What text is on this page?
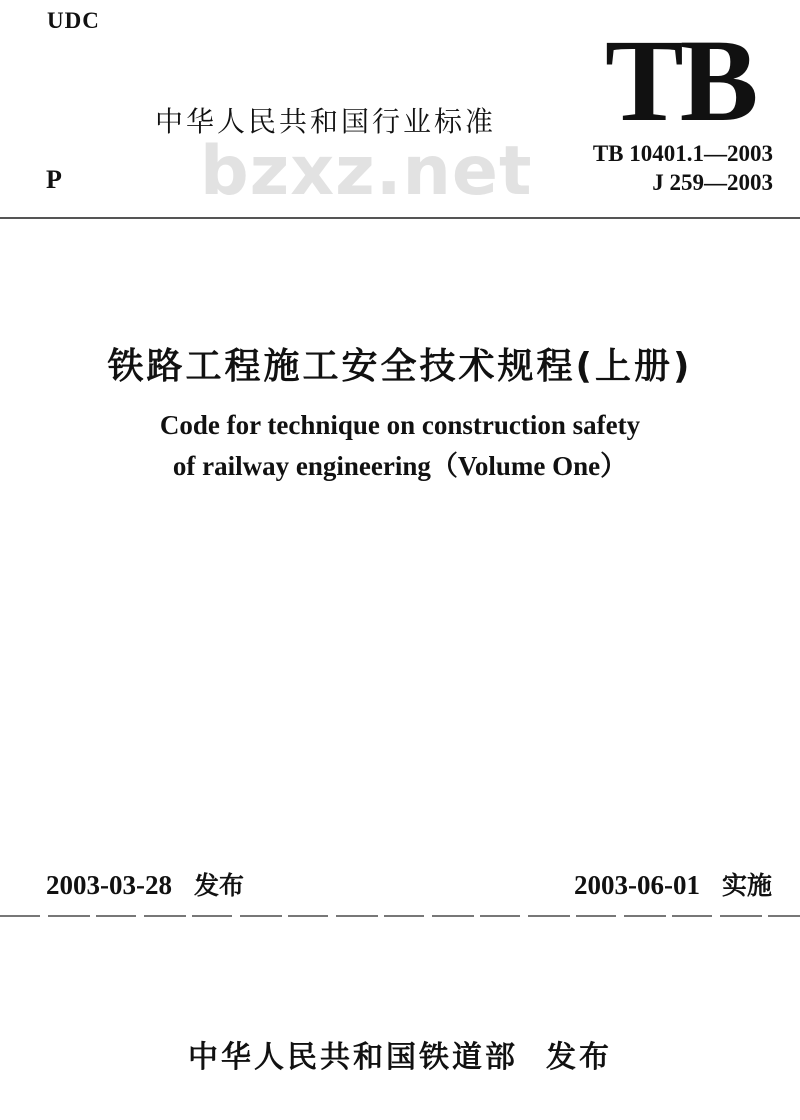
UDC	TB
bzxz.net
中华人民共和国行业标准
P
TB 10401.1—2003
J 259—2003
铁路工程施工安全技术规程(上册)
Code for technique on construction safety
of railway engineering（Volume One）
2003-03-28 发布	2003-06-01 实施
中华人民共和国铁道部 发布
